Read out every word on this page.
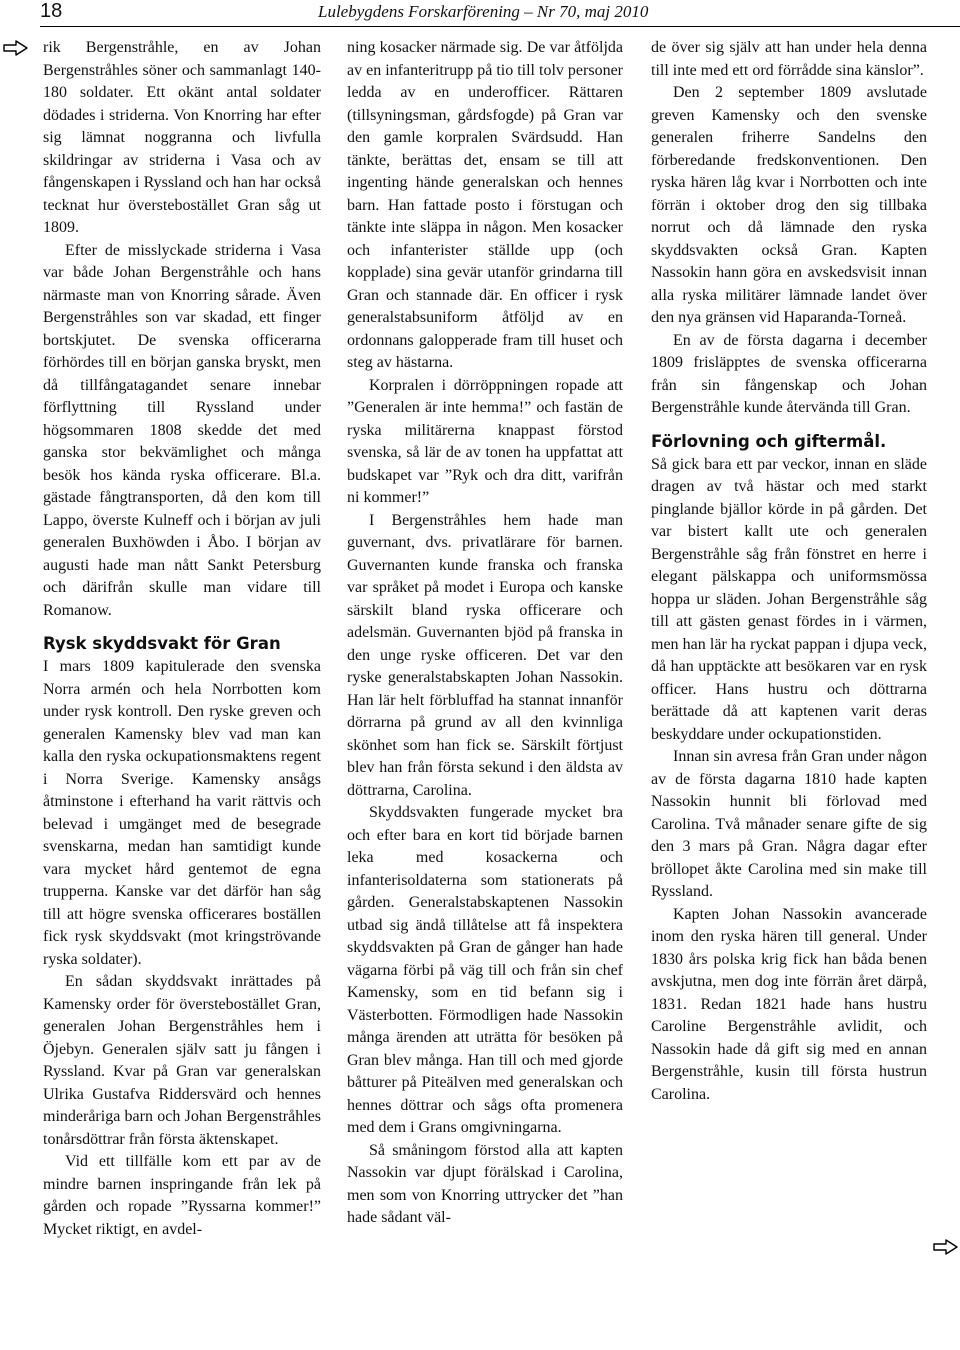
18	Lulebygdens Forskarförening – Nr 70, maj 2010

rik Bergenstråhle, en av Johan Bergenstråhles söner och sammanlagt 140-180 soldater. Ett okänt antal soldater dödades i striderna. Von Knorring har efter sig lämnat noggranna och livfulla skildringar av striderna i Vasa och av fångenskapen i Ryssland och han har också tecknat hur överstebostället Gran såg ut 1809.

Efter de misslyckade striderna i Vasa var både Johan Bergenstråhle och hans närmaste man von Knorring sårade. Även Bergenstråhles son var skadad, ett finger bortskjutet. De svenska officerarna förhördes till en början ganska bryskt, men då tillfångatagandet senare innebar förflyttning till Ryssland under högsommaren 1808 skedde det med ganska stor bekvämlighet och många besök hos kända ryska officerare. Bl.a. gästade fångtransporten, då den kom till Lappo, överste Kulneff och i början av juli generalen Buxhöwden i Åbo. I början av augusti hade man nått Sankt Petersburg och därifrån skulle man vidare till Romanow.

Rysk skyddsvakt för Gran

I mars 1809 kapitulerade den svenska Norra armén och hela Norrbotten kom under rysk kontroll. Den ryske greven och generalen Kamensky blev vad man kan kalla den ryska ockupationsmaktens regent i Norra Sverige. Kamensky ansågs åtminstone i efterhand ha varit rättvis och belevad i umgänget med de besegrade svenskarna, medan han samtidigt kunde vara mycket hård gentemot de egna trupperna. Kanske var det därför han såg till att högre svenska officerares boställen fick rysk skyddsvakt (mot kringströvande ryska soldater).

En sådan skyddsvakt inrättades på Kamensky order för överstebostället Gran, generalen Johan Bergenstråhles hem i Öjebyn. Generalen själv satt ju fången i Ryssland. Kvar på Gran var generalskan Ulrika Gustafva Riddersvärd och hennes minderåriga barn och Johan Bergenstråhles tonårsdöttrar från första äktenskapet.

Vid ett tillfälle kom ett par av de mindre barnen inspringande från lek på gården och ropade ”Ryssarna kommer!” Mycket riktigt, en avdel-

ning kosacker närmade sig. De var åtföljda av en infanteritrupp på tio till tolv personer ledda av en underofficer. Rättaren (tillsyningsman, gårdsfogde) på Gran var den gamle korpralen Svärdsudd. Han tänkte, berättas det, ensam se till att ingenting hände generalskan och hennes barn. Han fattade posto i förstugan och tänkte inte släppa in någon. Men kosacker och infanterister ställde upp (och kopplade) sina gevär utanför grindarna till Gran och stannade där. En officer i rysk generalstabsuniform åtföljd av en ordonnans galopperade fram till huset och steg av hästarna.

Korpralen i dörröppningen ropade att ”Generalen är inte hemma!” och fastän de ryska militärerna knappast förstod svenska, så lär de av tonen ha uppfattat att budskapet var ”Ryk och dra ditt, varifrån ni kommer!”

I Bergenstråhles hem hade man guvernant, dvs. privatlärare för barnen. Guvernanten kunde franska och franska var språket på modet i Europa och kanske särskilt bland ryska officerare och adelsmän. Guvernanten bjöd på franska in den unge ryske officeren. Det var den ryske generalstabskapten Johan Nassokin. Han lär helt förbluffad ha stannat innanför dörrarna på grund av all den kvinnliga skönhet som han fick se. Särskilt förtjust blev han från första sekund i den äldsta av döttrarna, Carolina.

Skyddsvakten fungerade mycket bra och efter bara en kort tid började barnen leka med kosackerna och infanterisoldaterna som stationerats på gården. Generalstabskaptenen Nassokin utbad sig ändå tillåtelse att få inspektera skyddsvakten på Gran de gånger han hade vägarna förbi på väg till och från sin chef Kamensky, som en tid befann sig i Västerbotten. Förmodligen hade Nassokin många ärenden att uträtta för besöken på Gran blev många. Han till och med gjorde båtturer på Piteälven med generalskan och hennes döttrar och sågs ofta promenera med dem i Grans omgivningarna.

Så småningom förstod alla att kapten Nassokin var djupt förälskad i Carolina, men som von Knorring uttrycker det ”han hade sådant väl-

de över sig själv att han under hela denna till inte med ett ord förrådde sina känslor”.

Den 2 september 1809 avslutade greven Kamensky och den svenske generalen friherre Sandelns den förberedande fredskonventionen. Den ryska hären låg kvar i Norrbotten och inte förrän i oktober drog den sig tillbaka norrut och då lämnade den ryska skyddsvakten också Gran. Kapten Nassokin hann göra en avskedsvisit innan alla ryska militärer lämnade landet över den nya gränsen vid Haparanda-Torneå.

En av de första dagarna i december 1809 frisläpptes de svenska officerarna från sin fångenskap och Johan Bergenstråhle kunde återvända till Gran.

Förlovning och giftermål.

Så gick bara ett par veckor, innan en släde dragen av två hästar och med starkt pinglande bjällor körde in på gården. Det var bistert kallt ute och generalen Bergenstråhle såg från fönstret en herre i elegant pälskappa och uniformsmössa hoppa ur släden. Johan Bergenstråhle såg till att gästen genast fördes in i värmen, men han lär ha ryckat pappan i djupa veck, då han upptäckte att besökaren var en rysk officer. Hans hustru och döttrarna berättade då att kaptenen varit deras beskyddare under ockupationstiden.

Innan sin avresa från Gran under någon av de första dagarna 1810 hade kapten Nassokin hunnit bli förlovad med Carolina. Två månader senare gifte de sig den 3 mars på Gran. Några dagar efter bröllopet åkte Carolina med sin make till Ryssland.

Kapten Johan Nassokin avancerade inom den ryska hären till general. Under 1830 års polska krig fick han båda benen avskjutna, men dog inte förrän året därpå, 1831. Redan 1821 hade hans hustru Caroline Bergenstråhle avlidit, och Nassokin hade då gift sig med en annan Bergenstråhle, kusin till första hustrun Carolina.
